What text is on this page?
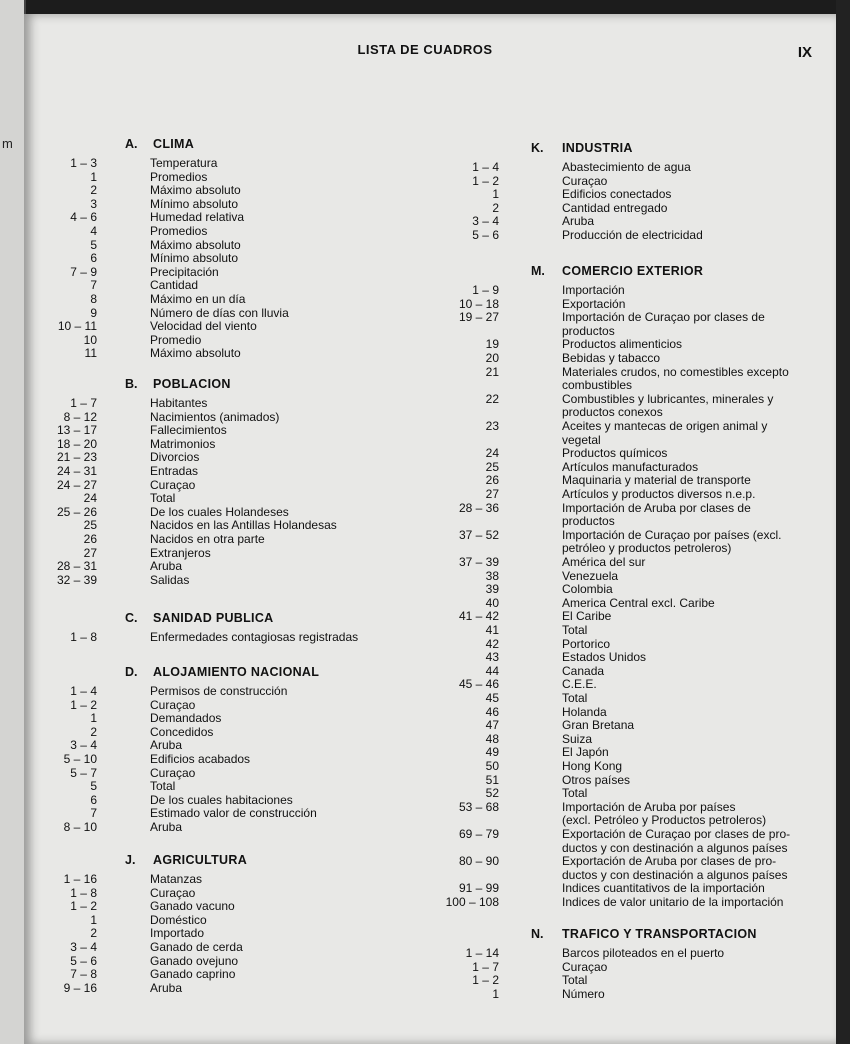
m
LISTA DE CUADROS	IX
A. CLIMA
1 – 3	Temperatura
1	Promedios
2	Máximo absoluto
3	Mínimo absoluto
4 – 6	Humedad relativa
4	Promedios
5	Máximo absoluto
6	Mínimo absoluto
7 – 9	Precipitación
7	Cantidad
8	Máximo en un día
9	Número de días con lluvia
10 – 11	Velocidad del viento
10	Promedio
11	Máximo absoluto
B. POBLACION
1 – 7	Habitantes
8 – 12	Nacimientos (animados)
13 – 17	Fallecimientos
18 – 20	Matrimonios
21 – 23	Divorcios
24 – 31	Entradas
24 – 27	Curaçao
24	Total
25 – 26	De los cuales Holandeses
25	Nacidos en las Antillas Holandesas
26	Nacidos en otra parte
27	Extranjeros
28 – 31	Aruba
32 – 39	Salidas
C. SANIDAD PUBLICA
1 – 8	Enfermedades contagiosas registradas
D. ALOJAMIENTO NACIONAL
1 – 4	Permisos de construcción
1 – 2	Curaçao
1	Demandados
2	Concedidos
3 – 4	Aruba
5 – 10	Edificios acabados
5 – 7	Curaçao
5	Total
6	De los cuales habitaciones
7	Estimado valor de construcción
8 – 10	Aruba
J. AGRICULTURA
1 – 16	Matanzas
1 – 8	Curaçao
1 – 2	Ganado vacuno
1	Doméstico
2	Importado
3 – 4	Ganado de cerda
5 – 6	Ganado ovejuno
7 – 8	Ganado caprino
9 – 16	Aruba
K. INDUSTRIA
1 – 4	Abastecimiento de agua
1 – 2	Curaçao
1	Edificios conectados
2	Cantidad entregado
3 – 4	Aruba
5 – 6	Producción de electricidad
M. COMERCIO EXTERIOR
1 – 9	Importación
10 – 18	Exportación
19 – 27	Importación de Curaçao por clases de
productos
19	Productos alimenticios
20	Bebidas y tabacco
21	Materiales crudos, no comestibles excepto
combustibles
22	Combustibles y lubricantes, minerales y
productos conexos
23	Aceites y mantecas de origen animal y
vegetal
24	Productos químicos
25	Artículos manufacturados
26	Maquinaria y material de transporte
27	Artículos y productos diversos n.e.p.
28 – 36	Importación de Aruba por clases de
productos
37 – 52	Importación de Curaçao por países (excl.
petróleo y productos petroleros)
37 – 39	América del sur
38	Venezuela
39	Colombia
40	America Central excl. Caribe
41 – 42	El Caribe
41	Total
42	Portorico
43	Estados Unidos
44	Canada
45 – 46	C.E.E.
45	Total
46	Holanda
47	Gran Bretana
48	Suiza
49	El Japón
50	Hong Kong
51	Otros países
52	Total
53 – 68	Importación de Aruba por países
(excl. Petróleo y Productos petroleros)
69 – 79	Exportación de Curaçao por clases de pro-
ductos y con destinación a algunos países
80 – 90	Exportación de Aruba por clases de pro-
ductos y con destinación a algunos países
91 – 99	Indices cuantitativos de la importación
100 – 108	Indices de valor unitario de la importación
N. TRAFICO Y TRANSPORTACION
1 – 14	Barcos piloteados en el puerto
1 – 7	Curaçao
1 – 2	Total
1	Número
